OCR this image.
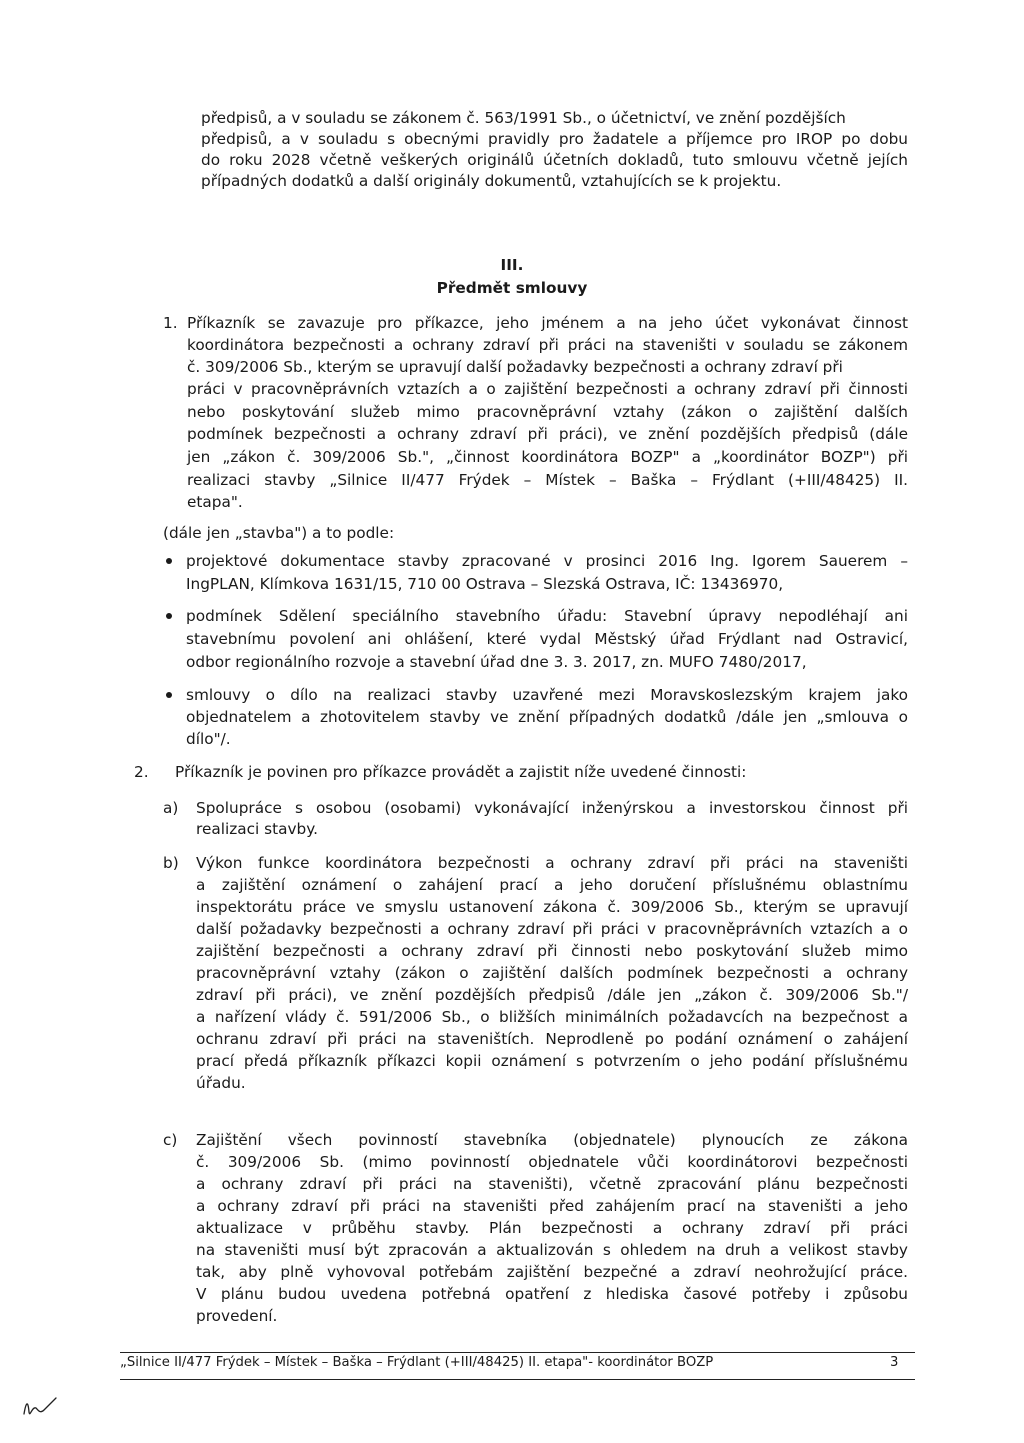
předpisů, a v souladu se zákonem č. 563/1991 Sb., o účetnictví, ve znění pozdějších
předpisů, a v souladu s obecnými pravidly pro žadatele a příjemce pro IROP po dobu
do roku 2028 včetně veškerých originálů účetních dokladů, tuto smlouvu včetně jejích
případných dodatků a další originály dokumentů, vztahujících se k projektu.
III.
Předmět smlouvy
1. Příkazník se zavazuje pro příkazce, jeho jménem a na jeho účet vykonávat činnost
koordinátora bezpečnosti a ochrany zdraví při práci na staveništi v souladu se zákonem
č. 309/2006 Sb., kterým se upravují další požadavky bezpečnosti a ochrany zdraví při
práci v pracovněprávních vztazích a o zajištění bezpečnosti a ochrany zdraví při činnosti
nebo poskytování služeb mimo pracovněprávní vztahy (zákon o zajištění dalších
podmínek bezpečnosti a ochrany zdraví při práci), ve znění pozdějších předpisů (dále
jen „zákon č. 309/2006 Sb.", „činnost koordinátora BOZP" a „koordinátor BOZP") při
realizaci stavby „Silnice II/477 Frýdek – Místek – Baška – Frýdlant (+III/48425) II.
etapa".
(dále jen „stavba") a to podle:
projektové dokumentace stavby zpracované v prosinci 2016 Ing. Igorem Sauerem –
IngPLAN, Klímkova 1631/15, 710 00 Ostrava – Slezská Ostrava, IČ: 13436970,
podmínek Sdělení speciálního stavebního úřadu: Stavební úpravy nepodléhají ani
stavebnímu povolení ani ohlášení, které vydal Městský úřad Frýdlant nad Ostravicí,
odbor regionálního rozvoje a stavební úřad dne 3. 3. 2017, zn. MUFO 7480/2017,
smlouvy o dílo na realizaci stavby uzavřené mezi Moravskoslezským krajem jako
objednatelem a zhotovitelem stavby ve znění případných dodatků /dále jen „smlouva o
dílo"/.
2. Příkazník je povinen pro příkazce provádět a zajistit níže uvedené činnosti:
a) Spolupráce s osobou (osobami) vykonávající inženýrskou a investorskou činnost při
realizaci stavby.
b) Výkon funkce koordinátora bezpečnosti a ochrany zdraví při práci na staveništi
a zajištění oznámení o zahájení prací a jeho doručení příslušnému oblastnímu
inspektorátu práce ve smyslu ustanovení zákona č. 309/2006 Sb., kterým se upravují
další požadavky bezpečnosti a ochrany zdraví při práci v pracovněprávních vztazích a o
zajištění bezpečnosti a ochrany zdraví při činnosti nebo poskytování služeb mimo
pracovněprávní vztahy (zákon o zajištění dalších podmínek bezpečnosti a ochrany
zdraví při práci), ve znění pozdějších předpisů /dále jen „zákon č. 309/2006 Sb."/
a nařízení vlády č. 591/2006 Sb., o bližších minimálních požadavcích na bezpečnost a
ochranu zdraví při práci na staveništích. Neprodleně po podání oznámení o zahájení
prací předá příkazník příkazci kopii oznámení s potvrzením o jeho podání příslušnému
úřadu.
c) Zajištění všech povinností stavebníka (objednatele) plynoucích ze zákona
č. 309/2006 Sb. (mimo povinností objednatele vůči koordinátorovi bezpečnosti
a ochrany zdraví při práci na staveništi), včetně zpracování plánu bezpečnosti
a ochrany zdraví při práci na staveništi před zahájením prací na staveništi a jeho
aktualizace v průběhu stavby. Plán bezpečnosti a ochrany zdraví při práci
na staveništi musí být zpracován a aktualizován s ohledem na druh a velikost stavby
tak, aby plně vyhovoval potřebám zajištění bezpečné a zdraví neohrožující práce.
V plánu budou uvedena potřebná opatření z hlediska časové potřeby i způsobu
provedení.
„Silnice II/477 Frýdek – Místek – Baška – Frýdlant (+III/48425) II. etapa"- koordinátor BOZP	3
